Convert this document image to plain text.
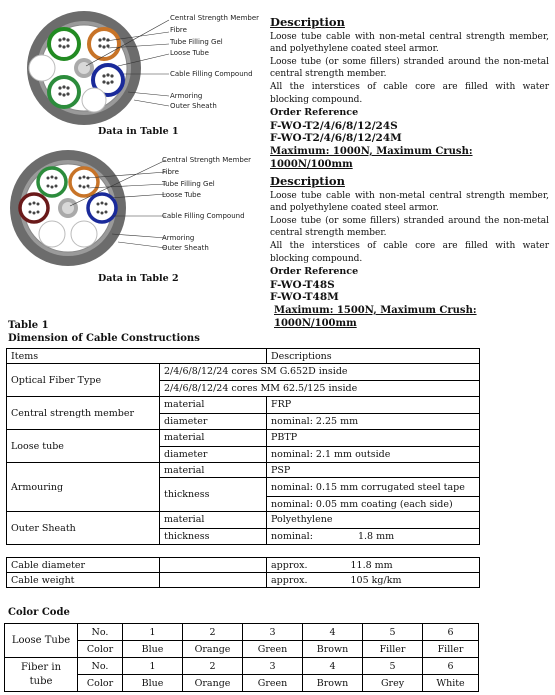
Central Strength Member
Fibre
Tube Filling Gel
Loose Tube
Cable Filling Compound
Armoring
Outer Sheath
Data in Table 1
Central Strength Member
Fibre
Tube Filling Gel
Loose Tube
Cable Filling Compound
Armoring
Outer Sheath
Data in Table 2
Description

Loose tube cable with non-metal central strength member, and polyethylene coated steel armor.

Loose tube (or some fillers) stranded around the non-metal central strength member.

All the interstices of cable core are filled with water blocking compound.

Order Reference
F-WO-T2/4/6/8/12/24S
F-WO-T2/4/6/8/12/24M
Maximum: 1000N, Maximum Crush: 1000N/100mm
Description

Loose tube cable with non-metal central strength member, and polyethylene coated steel armor.

Loose tube (or some fillers) stranded around the non-metal central strength member.

All the interstices of cable core are filled with water blocking compound.

Order Reference
F-WO-T48S
F-WO-T48M
Maximum: 1500N, Maximum Crush: 1000N/100mm
Table 1
Dimension of Cable Constructions
Items		Descriptions
Optical Fiber Type	2/4/6/8/12/24 cores SM G.652D inside	
	2/4/6/8/12/24 cores MM 62.5/125 inside	
Central strength member	material	FRP
	diameter	nominal: 2.25 mm
Loose tube	material	PBTP
	diameter	nominal: 2.1 mm outside
Armouring	material	PSP
	thickness	nominal: 0.15 mm corrugated steel tape
		nominal: 0.05 mm coating (each side)
Outer Sheath	material	Polyethylene
	thickness	nominal: 1.8 mm
Cable diameter		approx. 11.8 mm
Cable weight		approx. 105 kg/km
Color Code
Loose Tube	No.	1	2	3	4	5	6
	Color	Blue	Orange	Green	Brown	Filler	Filler
Fiber in tube	No.	1	2	3	4	5	6
	Color	Blue	Orange	Green	Brown	Grey	White
